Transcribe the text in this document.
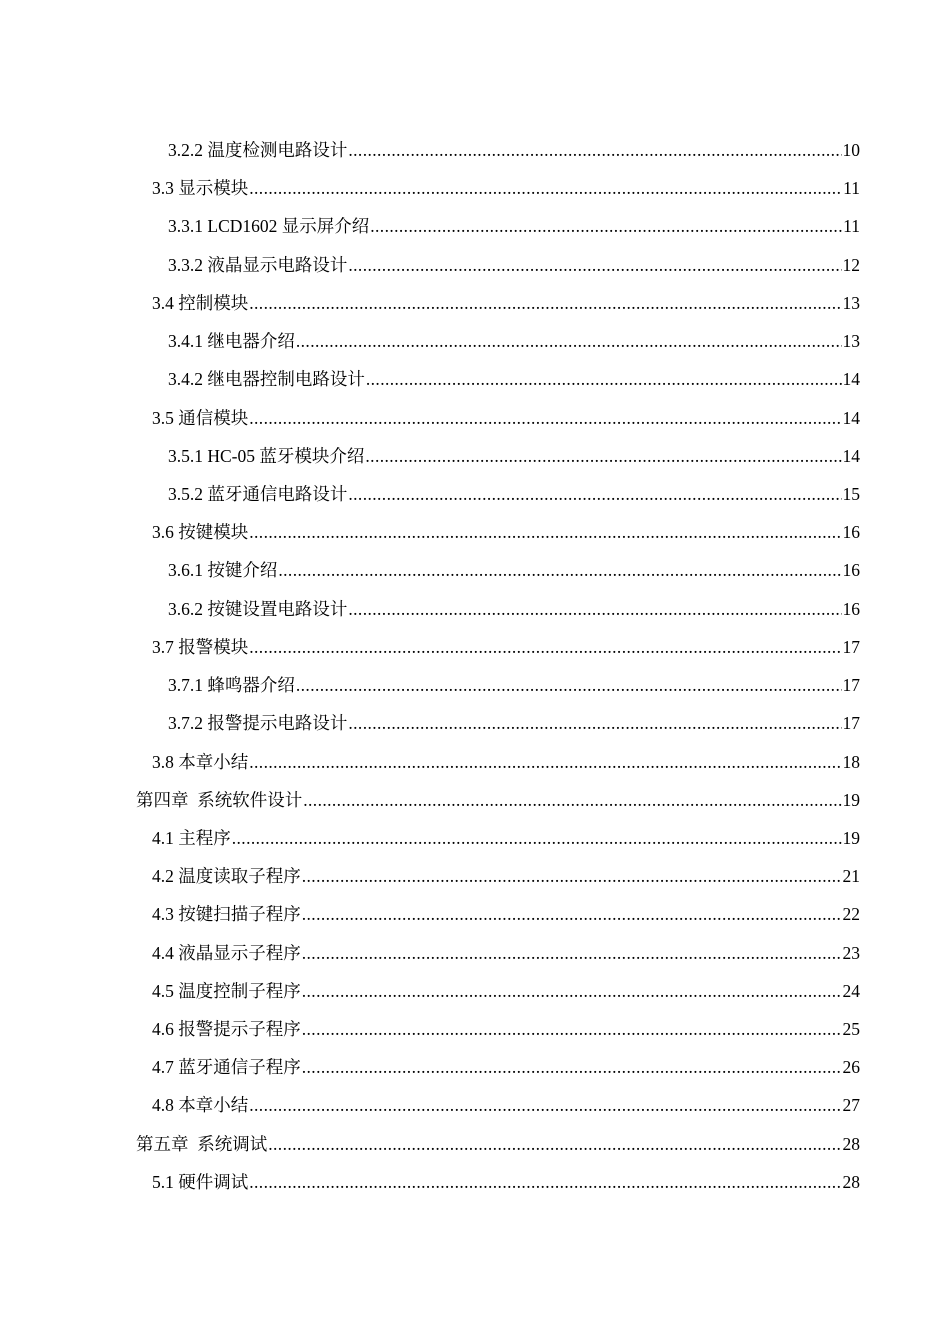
3.2.2 温度检测电路设计 .....	10
3.3 显示模块 .....	11
3.3.1 LCD1602 显示屏介绍 .....	11
3.3.2 液晶显示电路设计 .....	12
3.4 控制模块 .....	13
3.4.1 继电器介绍 .....	13
3.4.2 继电器控制电路设计 .....	14
3.5 通信模块 .....	14
3.5.1 HC-05 蓝牙模块介绍 .....	14
3.5.2 蓝牙通信电路设计 .....	15
3.6 按键模块 .....	16
3.6.1 按键介绍 .....	16
3.6.2 按键设置电路设计 .....	16
3.7 报警模块 .....	17
3.7.1 蜂鸣器介绍 .....	17
3.7.2 报警提示电路设计 .....	17
3.8 本章小结 .....	18
第四章  系统软件设计 .....	19
4.1 主程序 .....	19
4.2 温度读取子程序 .....	21
4.3 按键扫描子程序 .....	22
4.4 液晶显示子程序 .....	23
4.5 温度控制子程序 .....	24
4.6 报警提示子程序 .....	25
4.7 蓝牙通信子程序 .....	26
4.8 本章小结 .....	27
第五章  系统调试 .....	28
5.1 硬件调试 .....	28
